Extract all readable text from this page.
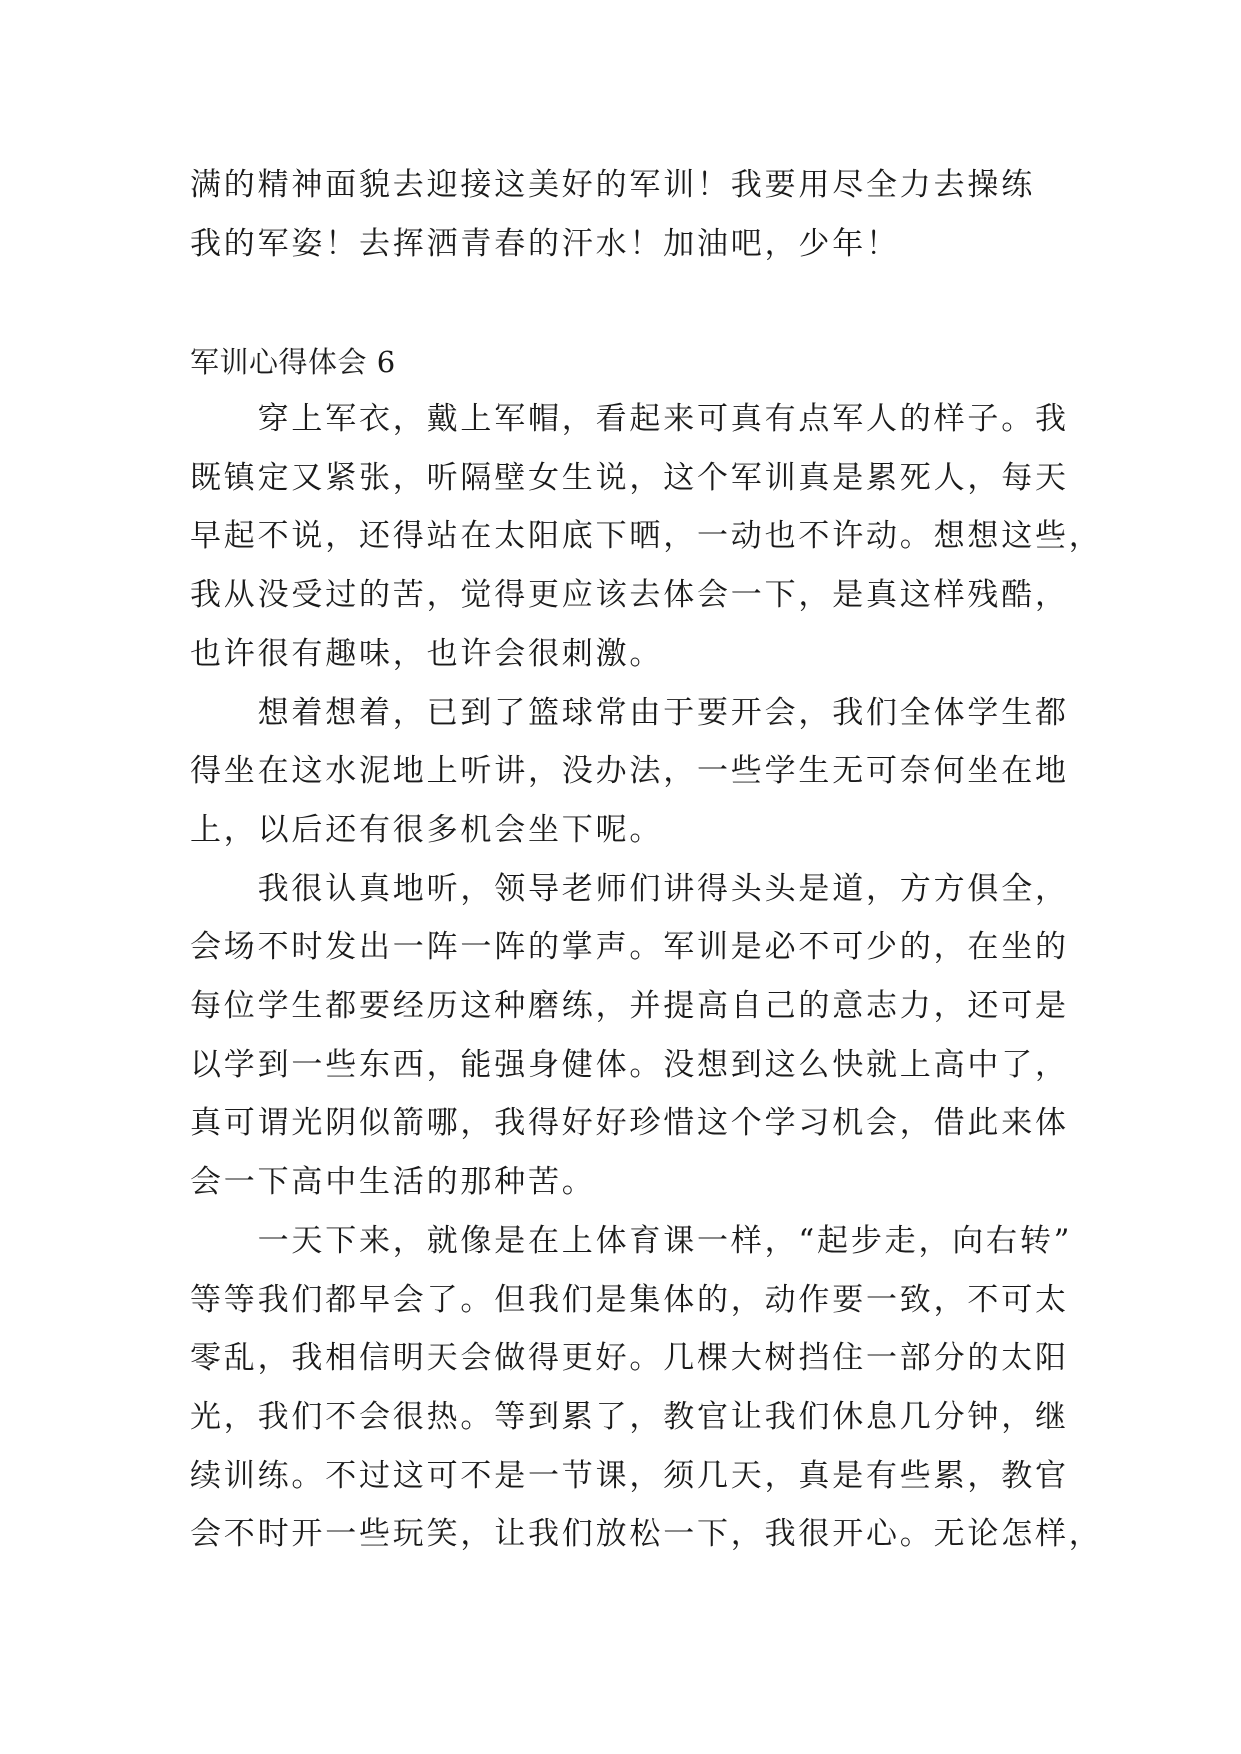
满的精神面貌去迎接这美好的军训！我要用尽全力去操练
我的军姿！去挥洒青春的汗水！加油吧，少年！
军训心得体会 6
　　穿上军衣，戴上军帽，看起来可真有点军人的样子。我
既镇定又紧张，听隔壁女生说，这个军训真是累死人，每天
早起不说，还得站在太阳底下晒，一动也不许动。想想这些，
我从没受过的苦，觉得更应该去体会一下，是真这样残酷，
也许很有趣味，也许会很刺激。
　　想着想着，已到了篮球常由于要开会，我们全体学生都
得坐在这水泥地上听讲，没办法，一些学生无可奈何坐在地
上，以后还有很多机会坐下呢。
　　我很认真地听，领导老师们讲得头头是道，方方俱全，
会场不时发出一阵一阵的掌声。军训是必不可少的，在坐的
每位学生都要经历这种磨练，并提高自己的意志力，还可是
以学到一些东西，能强身健体。没想到这么快就上高中了，
真可谓光阴似箭哪，我得好好珍惜这个学习机会，借此来体
会一下高中生活的那种苦。
　　一天下来，就像是在上体育课一样，“起步走，向右转”
等等我们都早会了。但我们是集体的，动作要一致，不可太
零乱，我相信明天会做得更好。几棵大树挡住一部分的太阳
光，我们不会很热。等到累了，教官让我们休息几分钟，继
续训练。不过这可不是一节课，须几天，真是有些累，教官
会不时开一些玩笑，让我们放松一下，我很开心。无论怎样，
